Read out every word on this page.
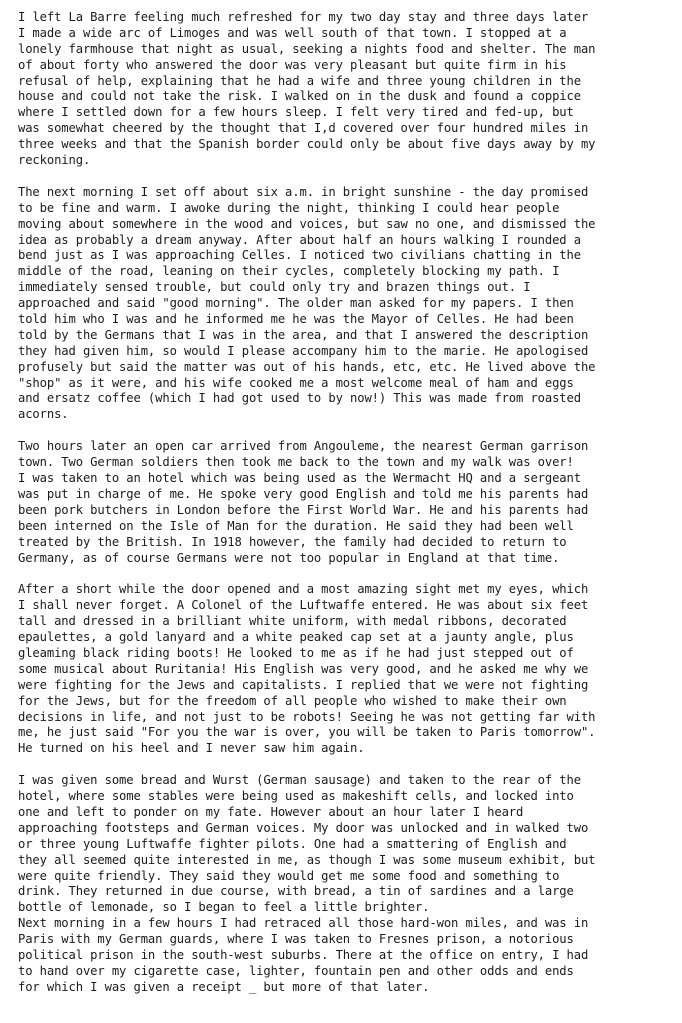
I left La Barre feeling much refreshed for my two day stay and three days later
I made a wide arc of Limoges and was well south of that town. I stopped at a
lonely farmhouse that night as usual, seeking a nights food and shelter. The man
of about forty who answered the door was very pleasant but quite firm in his
refusal of help, explaining that he had a wife and three young children in the
house and could not take the risk. I walked on in the dusk and found a coppice
where I settled down for a few hours sleep. I felt very tired and fed-up, but
was somewhat cheered by the thought that I,d covered over four hundred miles in
three weeks and that the Spanish border could only be about five days away by my
reckoning.
The next morning I set off about six a.m. in bright sunshine - the day promised
to be fine and warm. I awoke during the night, thinking I could hear people
moving about somewhere in the wood and voices, but saw no one, and dismissed the
idea as probably a dream anyway. After about half an hours walking I rounded a
bend just as I was approaching Celles. I noticed two civilians chatting in the
middle of the road, leaning on their cycles, completely blocking my path. I
immediately sensed trouble, but could only try and brazen things out. I
approached and said "good morning". The older man asked for my papers. I then
told him who I was and he informed me he was the Mayor of Celles. He had been
told by the Germans that I was in the area, and that I answered the description
they had given him, so would I please accompany him to the marie. He apologised
profusely but said the matter was out of his hands, etc, etc. He lived above the
"shop" as it were, and his wife cooked me a most welcome meal of ham and eggs
and ersatz coffee (which I had got used to by now!) This was made from roasted
acorns.
Two hours later an open car arrived from Angouleme, the nearest German garrison
town. Two German soldiers then took me back to the town and my walk was over!
I was taken to an hotel which was being used as the Wermacht HQ and a sergeant
was put in charge of me. He spoke very good English and told me his parents had
been pork butchers in London before the First World War. He and his parents had
been interned on the Isle of Man for the duration. He said they had been well
treated by the British. In 1918 however, the family had decided to return to
Germany, as of course Germans were not too popular in England at that time.
After a short while the door opened and a most amazing sight met my eyes, which
I shall never forget. A Colonel of the Luftwaffe entered. He was about six feet
tall and dressed in a brilliant white uniform, with medal ribbons, decorated
epaulettes, a gold lanyard and a white peaked cap set at a jaunty angle, plus
gleaming black riding boots! He looked to me as if he had just stepped out of
some musical about Ruritania! His English was very good, and he asked me why we
were fighting for the Jews and capitalists. I replied that we were not fighting
for the Jews, but for the freedom of all people who wished to make their own
decisions in life, and not just to be robots! Seeing he was not getting far with
me, he just said "For you the war is over, you will be taken to Paris tomorrow".
He turned on his heel and I never saw him again.
I was given some bread and Wurst (German sausage) and taken to the rear of the
hotel, where some stables were being used as makeshift cells, and locked into
one and left to ponder on my fate. However about an hour later I heard
approaching footsteps and German voices. My door was unlocked and in walked two
or three young Luftwaffe fighter pilots. One had a smattering of English and
they all seemed quite interested in me, as though I was some museum exhibit, but
were quite friendly. They said they would get me some food and something to
drink. They returned in due course, with bread, a tin of sardines and a large
bottle of lemonade, so I began to feel a little brighter.
Next morning in a few hours I had retraced all those hard-won miles, and was in
Paris with my German guards, where I was taken to Fresnes prison, a notorious
political prison in the south-west suburbs. There at the office on entry, I had
to hand over my cigarette case, lighter, fountain pen and other odds and ends
for which I was given a receipt _ but more of that later.
